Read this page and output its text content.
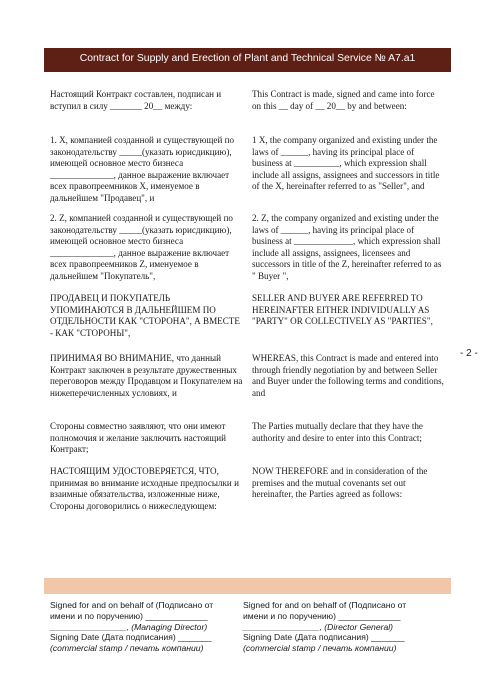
Contract for Supply and Erection of Plant and Technical Service № A7.a1

Настоящий Контракт составлен, подписан и вступил в силу _______ 20__ между:

1. X, компанией созданной и существующей по законодательству _____(указать юрисдикцию), имеющей основное место бизнеса ______________, данное выражение включает всех правопреемников X, именуемое в дальнейшем "Продавец", и

2. Z, компанией созданной и существующей по законодательству _____(указать юрисдикцию), имеющей основное место бизнеса ______________, данное выражение включает всех правопреемников Z, именуемое в дальнейшем "Покупатель",

ПРОДАВЕЦ И ПОКУПАТЕЛЬ УПОМИНАЮТСЯ В ДАЛЬНЕЙШЕМ ПО ОТДЕЛЬНОСТИ КАК "СТОРОНА", А ВМЕСТЕ - КАК "СТОРОНЫ",

ПРИНИМАЯ ВО ВНИМАНИЕ, что данный Контракт заключен в результате дружественных переговоров между Продавцом и Покупателем на нижеперечисленных условиях, и

Стороны совместно заявляют, что они имеют полномочия и желание заключить настоящий Контракт;

НАСТОЯЩИМ УДОСТОВЕРЯЕТСЯ, ЧТО, принимая во внимание исходные предпосылки и взаимные обязательства, изложенные ниже, Стороны договорились о нижеследующем:

This Contract is made, signed and came into force on this __ day of __ 20__ by and between:

1 X, the company organized and existing under the laws of ______, having its principal place of business at __________, which expression shall include all assigns, assignees and successors in title of the X, hereinafter referred to as "Seller", and

2. Z, the company organized and existing under the laws of ______, having its principal place of business at _____________, which expression shall include all assigns, assignees, licensees and successors in title of the Z, hereinafter referred to as " Buyer ",

SELLER AND BUYER ARE REFERRED TO HEREINAFTER EITHER INDIVIDUALLY AS "PARTY" OR COLLECTIVELY AS "PARTIES",

WHEREAS, this Contract is made and entered into through friendly negotiation by and between Seller and Buyer under the following terms and conditions, and

The Parties mutually declare that they have the authority and desire to enter into this Contract;

NOW THEREFORE and in consideration of the premises and the mutual covenants set out hereinafter, the Parties agreed as follows:

- 2 -
Signed for and on behalf of (Подписано от
имени и по поручению) _____________
________________, (Managing Director)
Signing Date (Дата подписания) _______
(commercial stamp / печать компании)
Signed for and on behalf of (Подписано от
имени и по поручению) _____________
________________, (Director General)
Signing Date (Дата подписания) _______
(commercial stamp / печать компании)
